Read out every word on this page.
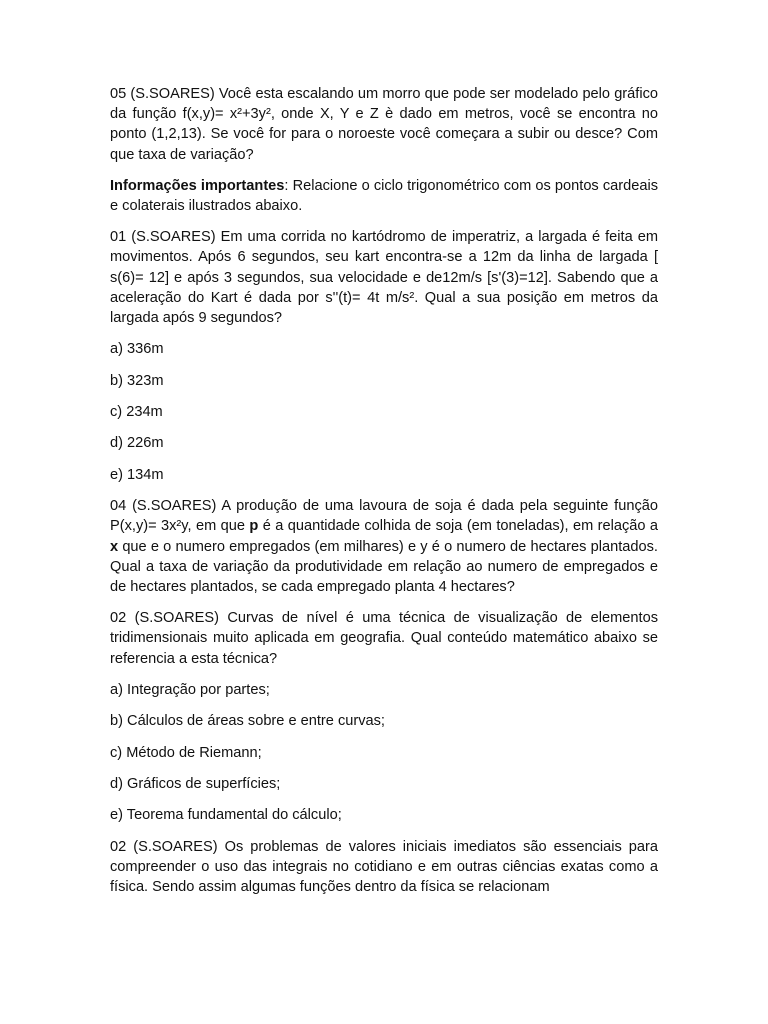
05 (S.SOARES) Você esta escalando um morro que pode ser modelado pelo gráfico da função f(x,y)= x²+3y², onde X, Y e Z è dado em metros, você se encontra no ponto (1,2,13). Se você for para o noroeste você começara a subir ou desce? Com que taxa de variação?

Informações importantes: Relacione o ciclo trigonométrico com os pontos cardeais e colaterais ilustrados abaixo.

01 (S.SOARES) Em uma corrida no kartódromo de imperatriz, a largada é feita em movimentos. Após 6 segundos, seu kart encontra-se a 12m da linha de largada [ s(6)= 12] e após 3 segundos, sua velocidade e de12m/s [s'(3)=12]. Sabendo que a aceleração do Kart é dada por s''(t)= 4t m/s². Qual a sua posição em metros da largada após 9 segundos?

a) 336m

b) 323m

c) 234m

d) 226m

e) 134m

04 (S.SOARES) A produção de uma lavoura de soja é dada pela seguinte função P(x,y)= 3x²y, em que p é a quantidade colhida de soja (em toneladas), em relação a x que e o numero empregados (em milhares) e y é o numero de hectares plantados. Qual a taxa de variação da produtividade em relação ao numero de empregados e de hectares plantados, se cada empregado planta 4 hectares?

02 (S.SOARES) Curvas de nível é uma técnica de visualização de elementos tridimensionais muito aplicada em geografia. Qual conteúdo matemático abaixo se referencia a esta técnica?

a) Integração por partes;

b) Cálculos de áreas sobre e entre curvas;

c) Método de Riemann;

d) Gráficos de superfícies;

e) Teorema fundamental do cálculo;

02 (S.SOARES) Os problemas de valores iniciais imediatos são essenciais para compreender o uso das integrais no cotidiano e em outras ciências exatas como a física. Sendo assim algumas funções dentro da física se relacionam
